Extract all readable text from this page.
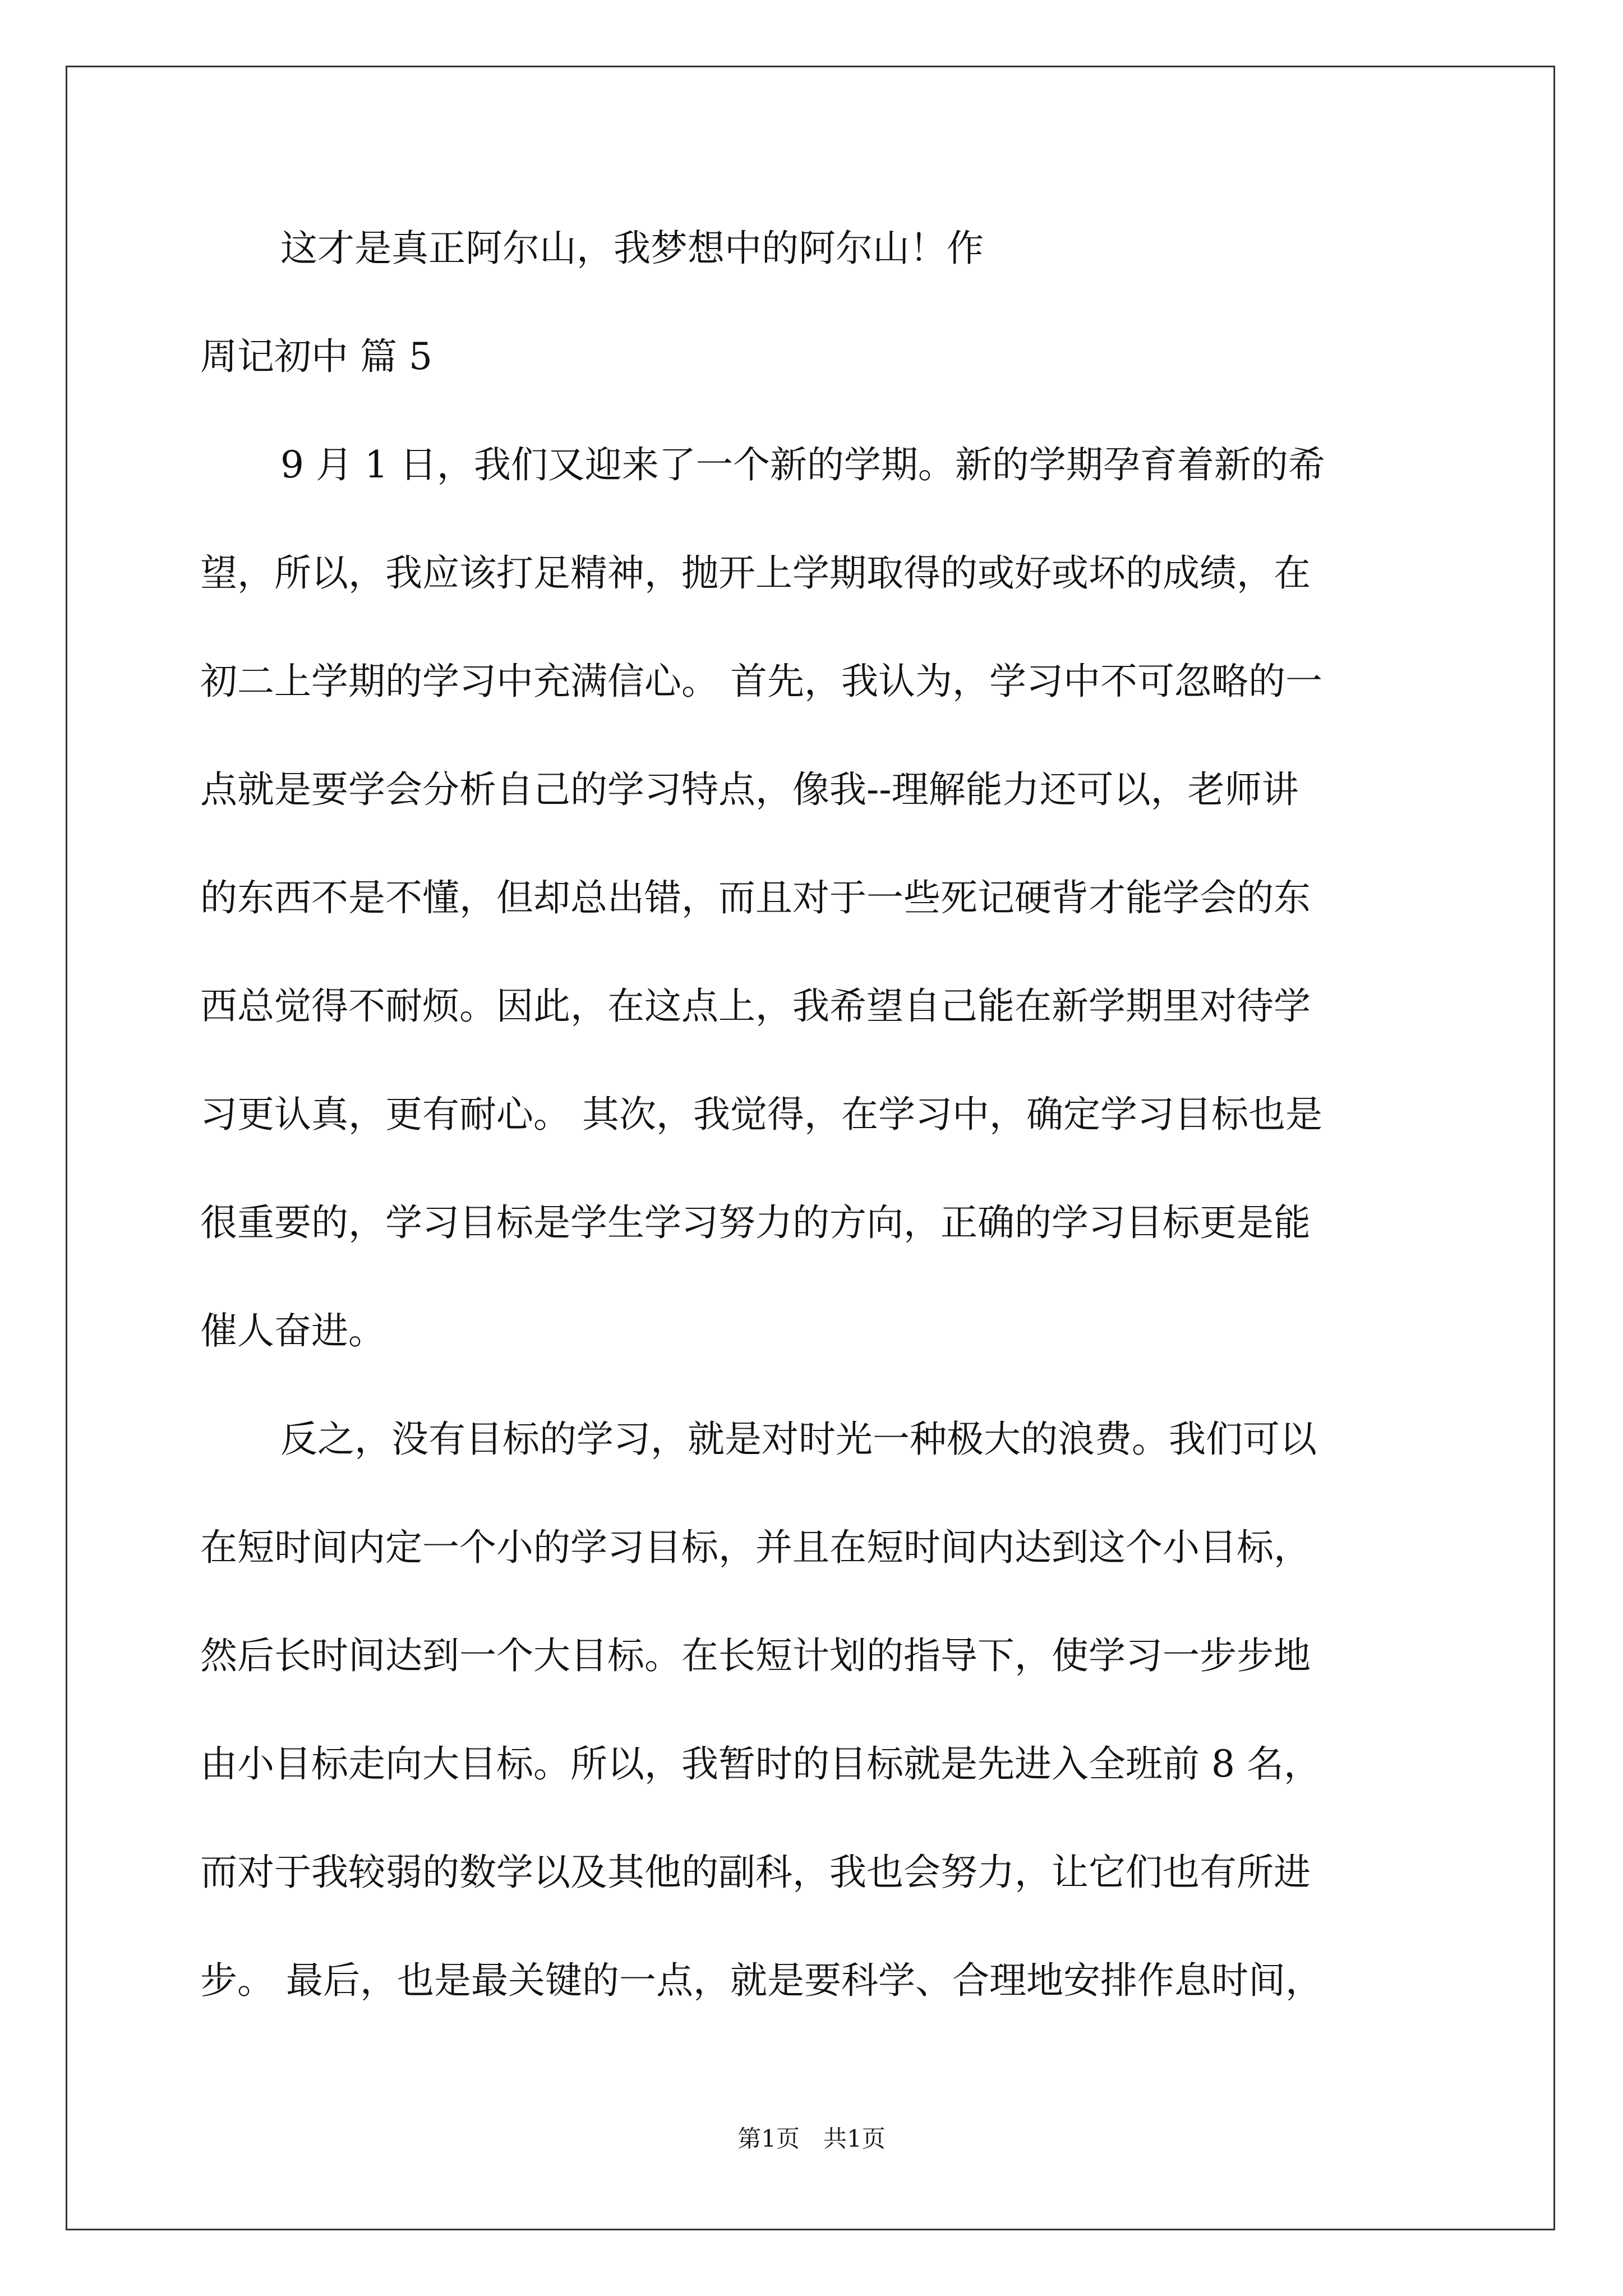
这才是真正阿尔山，我梦想中的阿尔山！作
周记初中 篇 5
9 月 1 日，我们又迎来了一个新的学期。新的学期孕育着新的希
望，所以，我应该打足精神，抛开上学期取得的或好或坏的成绩，在
初二上学期的学习中充满信心。 首先，我认为，学习中不可忽略的一
点就是要学会分析自己的学习特点，像我--理解能力还可以，老师讲
的东西不是不懂，但却总出错，而且对于一些死记硬背才能学会的东
西总觉得不耐烦。因此，在这点上，我希望自己能在新学期里对待学
习更认真，更有耐心。 其次，我觉得，在学习中，确定学习目标也是
很重要的，学习目标是学生学习努力的方向，正确的学习目标更是能
催人奋进。
反之，没有目标的学习，就是对时光一种极大的浪费。我们可以
在短时间内定一个小的学习目标，并且在短时间内达到这个小目标，
然后长时间达到一个大目标。在长短计划的指导下，使学习一步步地
由小目标走向大目标。所以，我暂时的目标就是先进入全班前 8 名，
而对于我较弱的数学以及其他的副科，我也会努力，让它们也有所进
步。 最后，也是最关键的一点，就是要科学、合理地安排作息时间，
第1页　共1页
